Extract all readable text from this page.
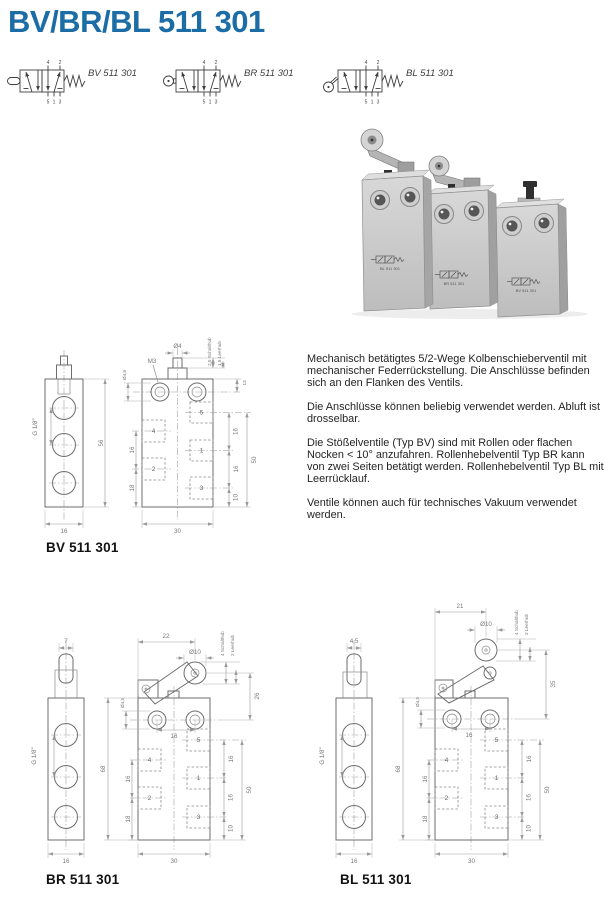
BV/BR/BL 511 301
4 2
5 1 3
BV 511 301
4 2
5 1 3
BR 511 301
4 2
5 1 3
BL 511 301
BV 511 301
BR 511 301
BL 511 301
56
16
G 1/8"
Ø4
M3
Ø4,5
2,5 Schalthub 1,5 Leerhub
13
4
2
5
1
3
16
18
16
16
10
50
30
BV 511 301

Mechanisch betätigtes 5/2-Wege Kolbenschieberventil mit mechanischer Federrückstellung. Die Anschlüsse befinden sich an den Flanken des Ventils.

Die Anschlüsse können beliebig verwendet werden. Abluft ist drosselbar.

Die Stößelventile (Typ BV) sind mit Rollen oder flachen Nocken < 10° anzufahren. Rollenhebelventil Typ BR kann von zwei Seiten betätigt werden. Rollenhebelventil Typ BL mit Leerrücklauf.

Ventile können auch für technisches Vakuum verwendet werden.

7
G 1/8"
16
22
Ø10	4 Schalthub 2 Leerhub
26
Ø4,5
16
4
2
5
1
3
16
18
68
16
16
10
50
30
BR 511 301
4,5
G 1/8"
16
21
Ø10	4 Schalthub 2 Leerhub
35
Ø4,5
16
4
2
5
1
3
16
18
68
16
16
10
50
30
BL 511 301
